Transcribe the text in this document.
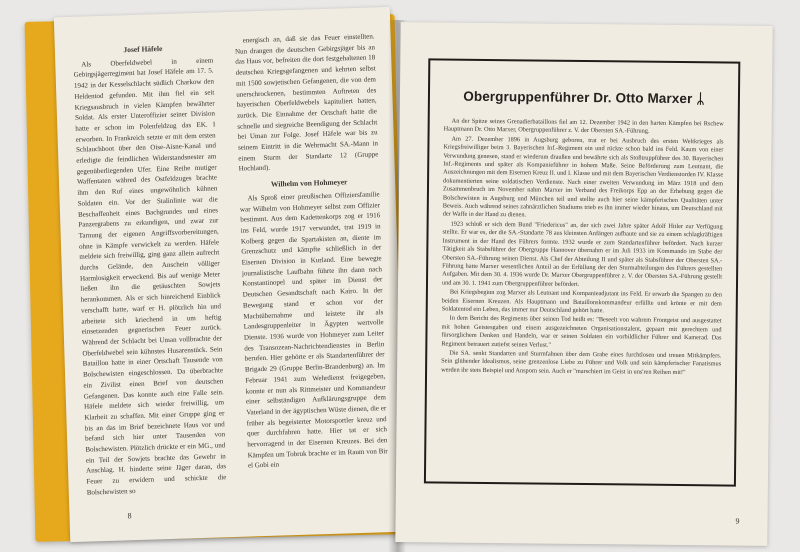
Josef Häfele

Als Oberfeldwebel in einem Gebirgsjägerregiment hat Josef Häfele am 17. 5. 1942 in der Kesselschlacht südlich Charkow den Heldentod gefunden. Mit ihm fiel ein seit Kriegsausbruch in vielen Kämpfen bewährter Soldat. Als erster Unteroffizier seiner Division hatte er schon im Polenfeldzug das EK. I erworben. In Frankreich setzte er mit dem ersten Schlauchboot über den Oise-Aisne-Kanal und erledigte die feindlichen Widerstandsnester am gegenüberliegenden Ufer. Eine Reihe mutiger Waffentaten währed des Ostfeldzuges brachte ihm den Ruf eines ungewöhnlich kühnen Soldaten ein. Vor der Stalinlinie war die Beschaffenheit eines Bachgrundes und eines Panzergrabens zu erkundigen, und zwar zur Tarnung der eigenen Angriffsvorbereitungen, ohne in Kämpfe verwickelt zu werden. Häfele meldete sich freiwillig, ging ganz allein aufrecht durchs Gelände, den Anschein völliger Harmlosigkeit erweckend. Bis auf wenige Meter ließen ihn die getäuschten Sowjets herankommen. Als er sich hinreichend Einblick verschafft hatte, warf er H. plötzlich hin und arbeitete sich kriechend in um heftig einsetzenden gegnerischen Feuer zurück. Während der Schlacht bei Uman vollbrachte der Oberfeldwebel sein kühnstes Husarenstück. Sein Bataillon hatte in einer Ortschaft Tausende von Bolschewisten eingeschlossen. Da überbrachte ein Zivilist einen Brief von deutschen Gefangenen. Das konnte auch eine Falle sein. Häfele meldete sich wieder freiwillig, um Klarheit zu schaffen. Mit einer Gruppe ging er bis an das im Brief bezeichnete Haus vor und befand sich hier unter Tausenden von Bolschewisten. Plötzlich drückte er ein MG., und ein Teil der Sowjets brachte das Gewehr in Anschlag. H. hinderte seine Jäger daran, das Feuer zu erwidern und schickte die Bolschewisten so

energisch an, daß sie das Feuer einstellten. Nun drangen die deutschen Gebirgsjäger bis an das Haus vor, befreiten die dort festgehaltenen 18 deutschen Kriegsgefangenen und kehrten selbst mit 1500 sowjetischen Gefangenen, die von dem unerschrockenen, bestimmten Auftreten des bayerischen Oberfeldwebels kapituliert hatten, zurück. Die Einnahme der Ortschaft hatte die schnelle und siegreiche Beendigung der Schlacht bei Uman zur Folge. Josef Häfele war bis zu seinem Eintritt in die Wehrmacht SA.-Mann in einem Sturm der Standarte 12 (Gruppe Hochland).

Wilhelm von Hohmeyer

Als Sproß einer preußischen Offiziersfamilie war Wilhelm von Hohmeyer selbst zum Offizier bestimmt. Aus dem Kadettenkorps zog er 1916 ins Feld, wurde 1917 verwundet, trat 1919 in Kolberg gegen die Spartakisten an, diente im Grenzschutz und kämpfte schließlich in der Eisernen Division in Kurland. Eine bewegte journalistische Laufbahn führte ihn dann nach Konstantinopel und später im Dienst der Deutschen Gesandtschaft nach Kairo. In der Bewegung stand er schon vor der Machtübernahme und leistete ihr als Landesgruppenleiter in Ägypten wertvolle Dienste. 1936 wurde von Hohmeyer zum Leiter des Transozean-Nachrichtendienstes in Berlin berufen. Hier gehörte er als Standartenführer der Brigade 29 (Gruppe Berlin-Brandenburg) an. Im Februar 1941 zum Wehrdienst freigegeben, konnte er nun als Rittmeister und Kommandeur einer selbständigen Aufklärungsgruppe dem Vaterland in der ägyptischen Wüste dienen, die er früher als begeisterter Motorsportler kreuz und quer durchfahren hatte. Hier tat er sich hervorragend in der Eisernen Kreuzes. Bei den Kämpfen um Tobruk brachte er im Raum von Bir el Gobi ein

8
Obergruppenführer Dr. Otto Marxer ᛦ

An der Spitze seines Grenadierbataillons fiel am 12. Dezember 1942 in den harten Kämpfen bei Rschew Hauptmann Dr. Otto Marxer, Obergruppenführer z. V. der Obersten SA.-Führung.

Am 27. Dezember 1896 in Augsburg geboren, trat er bei Ausbruch des ersten Weltkrieges als Kriegsfreiwilliger beim 3. Bayerischen Inf.-Regiment ein und rückte schon bald ins Feld. Kaum von einer Verwundung genesen, stand er wiederum draußen und bewährte sich als Stoßtruppführer des 30. Bayerischen Inf.-Regiments und später als Kompanieführer in hohem Maße. Seine Beförderung zum Leutnant, die Auszeichnungen mit dem Eisernen Kreuz II. und I. Klasse und mit dem Bayerischen Verdienstorden IV. Klasse dokumentierten seine soldatischen Verdienste. Nach einer zweiten Verwundung im März 1918 und dem Zusammenbruch im November nahm Marxer im Verband des Freikorps Epp an der Erhebung gegen die Bolschewisten in Augsburg und München teil und stellte auch hier seine kämpferischen Qualitäten unter Beweis. Auch während seines zahnärztlichen Studiums trieb es ihn immer wieder hinaus, um Deutschland mit der Waffe in der Hand zu dienen.

1923 schloß er sich dem Bund "Friedericus" an, der sich zwei Jahre später Adolf Hitler zur Verfügung stellte. Er war es, der die SA.-Standarte 78 aus kleinsten Anfängen aufbaute und sie zu einem schlagkräftigen Instrument in der Hand des Führers formte. 1932 wurde er zum Standartenführer befördert. Nach kurzer Tätigkeit als Stabsführer der Obergruppe Hannover übernahm er im Juli 1933 im Kommando im Stabe der Obersten SA.-Führung seinen Dienst. Als Chef der Abteilung II und später als Stabsführer der Obersten SA.-Führung hatte Marxer wesentlichen Anteil an der Erfüllung der den Sturmabteilungen des Führers gestellten Aufgaben. Mit dem 30. 4. 1936 wurde Dr. Marxer Obergruppenführer z. V. der Obersten SA.-Führung gestellt und am 30. 1. 1941 zum Obergruppenführer befördert.

Bei Kriegsbeginn zog Marxer als Leutnant und Kompanieadjutant ins Feld. Er erwarb die Spangen zu den beiden Eisernen Kreuzen. Als Hauptmann und Bataillonskommandeur erfüllte und krönte er mit dem Soldatentod ein Leben, das immer nur Deutschland gehört hatte.

In dem Bericht des Regiments über seinen Tod heißt es: "Beseelt von wahrem Frontgeist und ausgestattet mit hohen Geistesgaben und einem ausgezeichneten Organisationstalent, gepaart mit gerechtem und fürsorglichem Denken und Handeln, war er seinen Soldaten ein vorbildlicher Führer und Kamerad. Das Regiment betrauert zutiefst seinen Verlust."

Die SA. senkt Standarten und Sturmfahnen über dem Grabe eines furchtlosen und treuen Mitkämpfers. Sein glühender Idealismus, seine grenzenlose Liebe zu Führer und Volk und sein kämpferischer Fanatismus werden ihr stets Beispiel und Ansporn sein. Auch er "marschiert im Geist in uns'ren Reihen mit!"

9
